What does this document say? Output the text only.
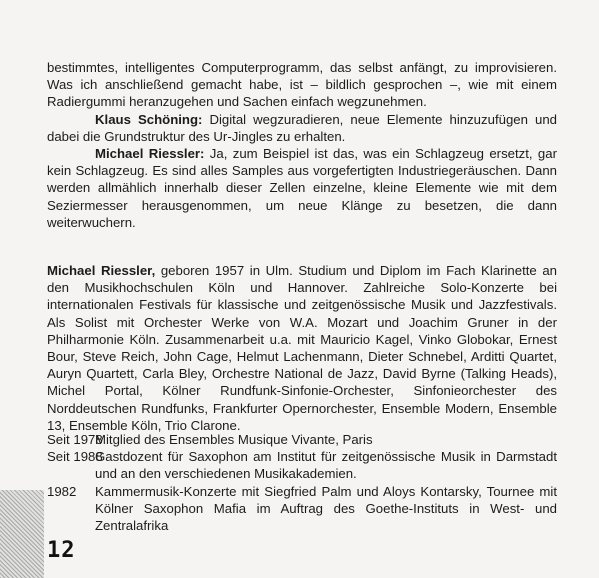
bestimmtes, intelligentes Computerprogramm, das selbst anfängt, zu improvisieren. Was ich anschließend gemacht habe, ist – bildlich gesprochen –, wie mit einem Radiergummi heranzugehen und Sachen einfach wegzunehmen.

Klaus Schöning: Digital wegzuradieren, neue Elemente hinzuzufügen und dabei die Grundstruktur des Ur-Jingles zu erhalten.

Michael Riessler: Ja, zum Beispiel ist das, was ein Schlagzeug ersetzt, gar kein Schlagzeug. Es sind alles Samples aus vorgefertigten Industriegeräuschen. Dann werden allmählich innerhalb dieser Zellen einzelne, kleine Elemente wie mit dem Seziermesser herausgenommen, um neue Klänge zu besetzen, die dann weiterwuchern.

Michael Riessler, geboren 1957 in Ulm. Studium und Diplom im Fach Klarinette an den Musikhochschulen Köln und Hannover. Zahlreiche Solo-Konzerte bei internationalen Festivals für klassische und zeitgenössische Musik und Jazzfestivals. Als Solist mit Orchester Werke von W.A. Mozart und Joachim Gruner in der Philharmonie Köln. Zusammenarbeit u.a. mit Mauricio Kagel, Vinko Globokar, Ernest Bour, Steve Reich, John Cage, Helmut Lachenmann, Dieter Schnebel, Arditti Quartet, Auryn Quartett, Carla Bley, Orchestre National de Jazz, David Byrne (Talking Heads), Michel Portal, Kölner Rundfunk-Sinfonie-Orchester, Sinfonieorchester des Norddeutschen Rundfunks, Frankfurter Opernorchester, Ensemble Modern, Ensemble 13, Ensemble Köln, Trio Clarone.

Seit 1978
Mitglied des Ensembles Musique Vivante, Paris
Seit 1988
Gastdozent für Saxophon am Institut für zeitgenössische Musik in Darmstadt und an den verschiedenen Musikakademien.
1982	Kammermusik-Konzerte mit Siegfried Palm und Aloys Kontarsky, Tournee mit Kölner Saxophon Mafia im Auftrag des Goethe-Instituts in West- und Zentralafrika
12
